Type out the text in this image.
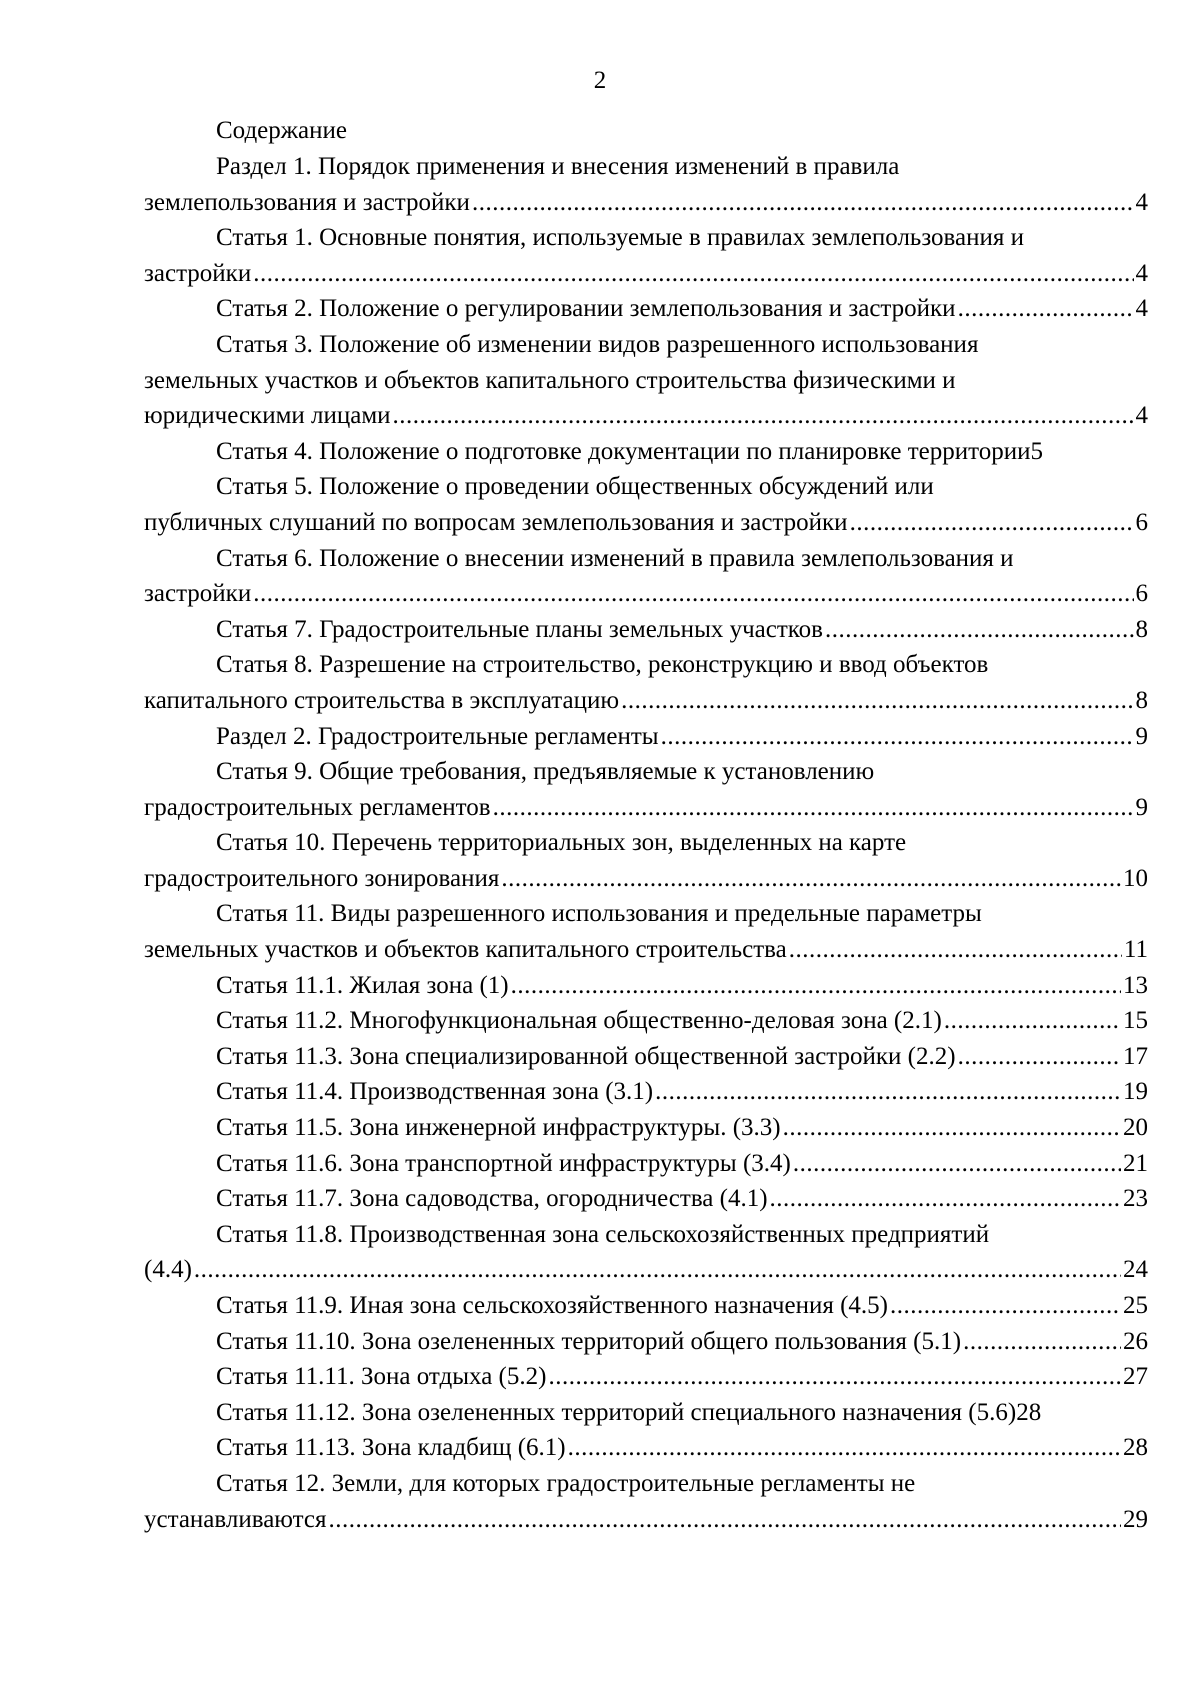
2
Содержание
Раздел 1. Порядок применения и внесения изменений в правила
землепользования и застройки .....	4
Статья 1. Основные понятия, используемые в правилах землепользования и
застройки .....	4
Статья 2. Положение о регулировании землепользования и застройки .....	4
Статья 3. Положение об изменении видов разрешенного использования
земельных участков и объектов капитального строительства физическими и
юридическими лицами .....	4
Статья 4. Положение о подготовке документации по планировке территории 5
Статья 5. Положение о проведении общественных обсуждений или
публичных слушаний по вопросам землепользования и застройки .....	6
Статья 6. Положение о внесении изменений в правила землепользования и
застройки .....	6
Статья 7. Градостроительные планы земельных участков .....	8
Статья 8. Разрешение на строительство, реконструкцию и ввод объектов
капитального строительства в эксплуатацию .....	8
Раздел 2. Градостроительные регламенты .....	9
Статья 9. Общие требования, предъявляемые к установлению
градостроительных регламентов .....	9
Статья 10. Перечень территориальных зон, выделенных на карте
градостроительного зонирования .....	10
Статья 11. Виды разрешенного использования и предельные параметры
земельных участков и объектов капитального строительства .....	11
Статья 11.1. Жилая зона (1) .....	13
Статья 11.2. Многофункциональная общественно-деловая зона (2.1) .....	15
Статья 11.3. Зона специализированной общественной застройки (2.2) .....	17
Статья 11.4. Производственная зона (3.1) .....	19
Статья 11.5. Зона инженерной инфраструктуры. (3.3) .....	20
Статья 11.6. Зона транспортной инфраструктуры (3.4) .....	21
Статья 11.7. Зона садоводства, огородничества (4.1) .....	23
Статья 11.8. Производственная зона сельскохозяйственных предприятий
(4.4) .....	24
Статья 11.9. Иная зона сельскохозяйственного назначения (4.5) .....	25
Статья 11.10. Зона озелененных территорий общего пользования (5.1) .....	26
Статья 11.11. Зона отдыха (5.2) .....	27
Статья 11.12. Зона озелененных территорий специального назначения (5.6) 28
Статья 11.13. Зона кладбищ (6.1) .....	28
Статья 12. Земли, для которых градостроительные регламенты не
устанавливаются .....	29
